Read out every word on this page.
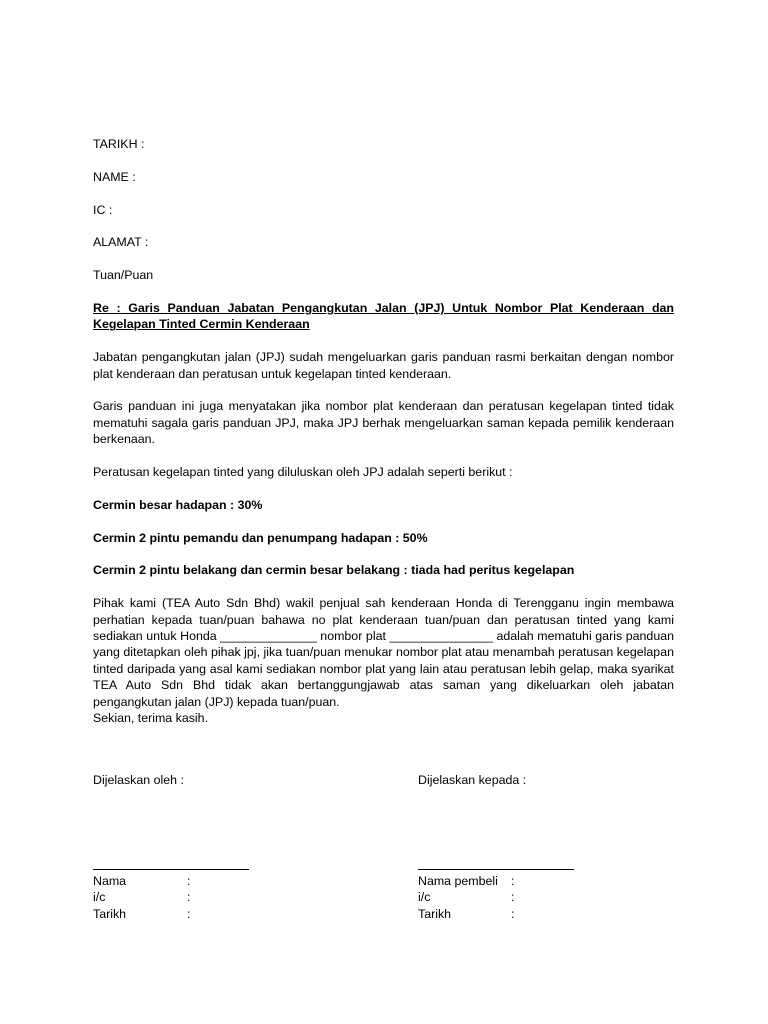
TARIKH :
NAME :
IC :
ALAMAT :
Tuan/Puan
Re : Garis Panduan Jabatan Pengangkutan Jalan (JPJ) Untuk Nombor Plat Kenderaan dan Kegelapan Tinted Cermin Kenderaan
Jabatan pengangkutan jalan (JPJ) sudah mengeluarkan garis panduan rasmi berkaitan dengan nombor plat kenderaan dan peratusan untuk kegelapan tinted kenderaan.
Garis panduan ini juga menyatakan jika nombor plat kenderaan dan peratusan kegelapan tinted tidak mematuhi sagala garis panduan JPJ, maka JPJ berhak mengeluarkan saman kepada pemilik kenderaan berkenaan.
Peratusan kegelapan tinted yang diluluskan oleh JPJ adalah seperti berikut :
Cermin besar hadapan : 30%
Cermin 2 pintu pemandu dan penumpang hadapan : 50%
Cermin 2 pintu belakang dan cermin besar belakang : tiada had peritus kegelapan
Pihak kami (TEA Auto Sdn Bhd) wakil penjual sah kenderaan Honda di Terengganu ingin membawa perhatian kepada tuan/puan bahawa no plat kenderaan tuan/puan dan peratusan tinted yang kami sediakan untuk Honda ______________ nombor plat _______________ adalah mematuhi garis panduan yang ditetapkan oleh pihak jpj, jika tuan/puan menukar nombor plat atau menambah peratusan kegelapan tinted daripada yang asal kami sediakan nombor plat yang lain atau peratusan lebih gelap, maka syarikat TEA Auto Sdn Bhd tidak akan bertanggungjawab atas saman yang dikeluarkan oleh jabatan pengangkutan jalan (JPJ) kepada tuan/puan.
Sekian, terima kasih.
Dijelaskan oleh :	Dijelaskan kepada :
Nama	:
i/c	:
Tarikh	:
Nama pembeli	:
i/c	:
Tarikh	:
